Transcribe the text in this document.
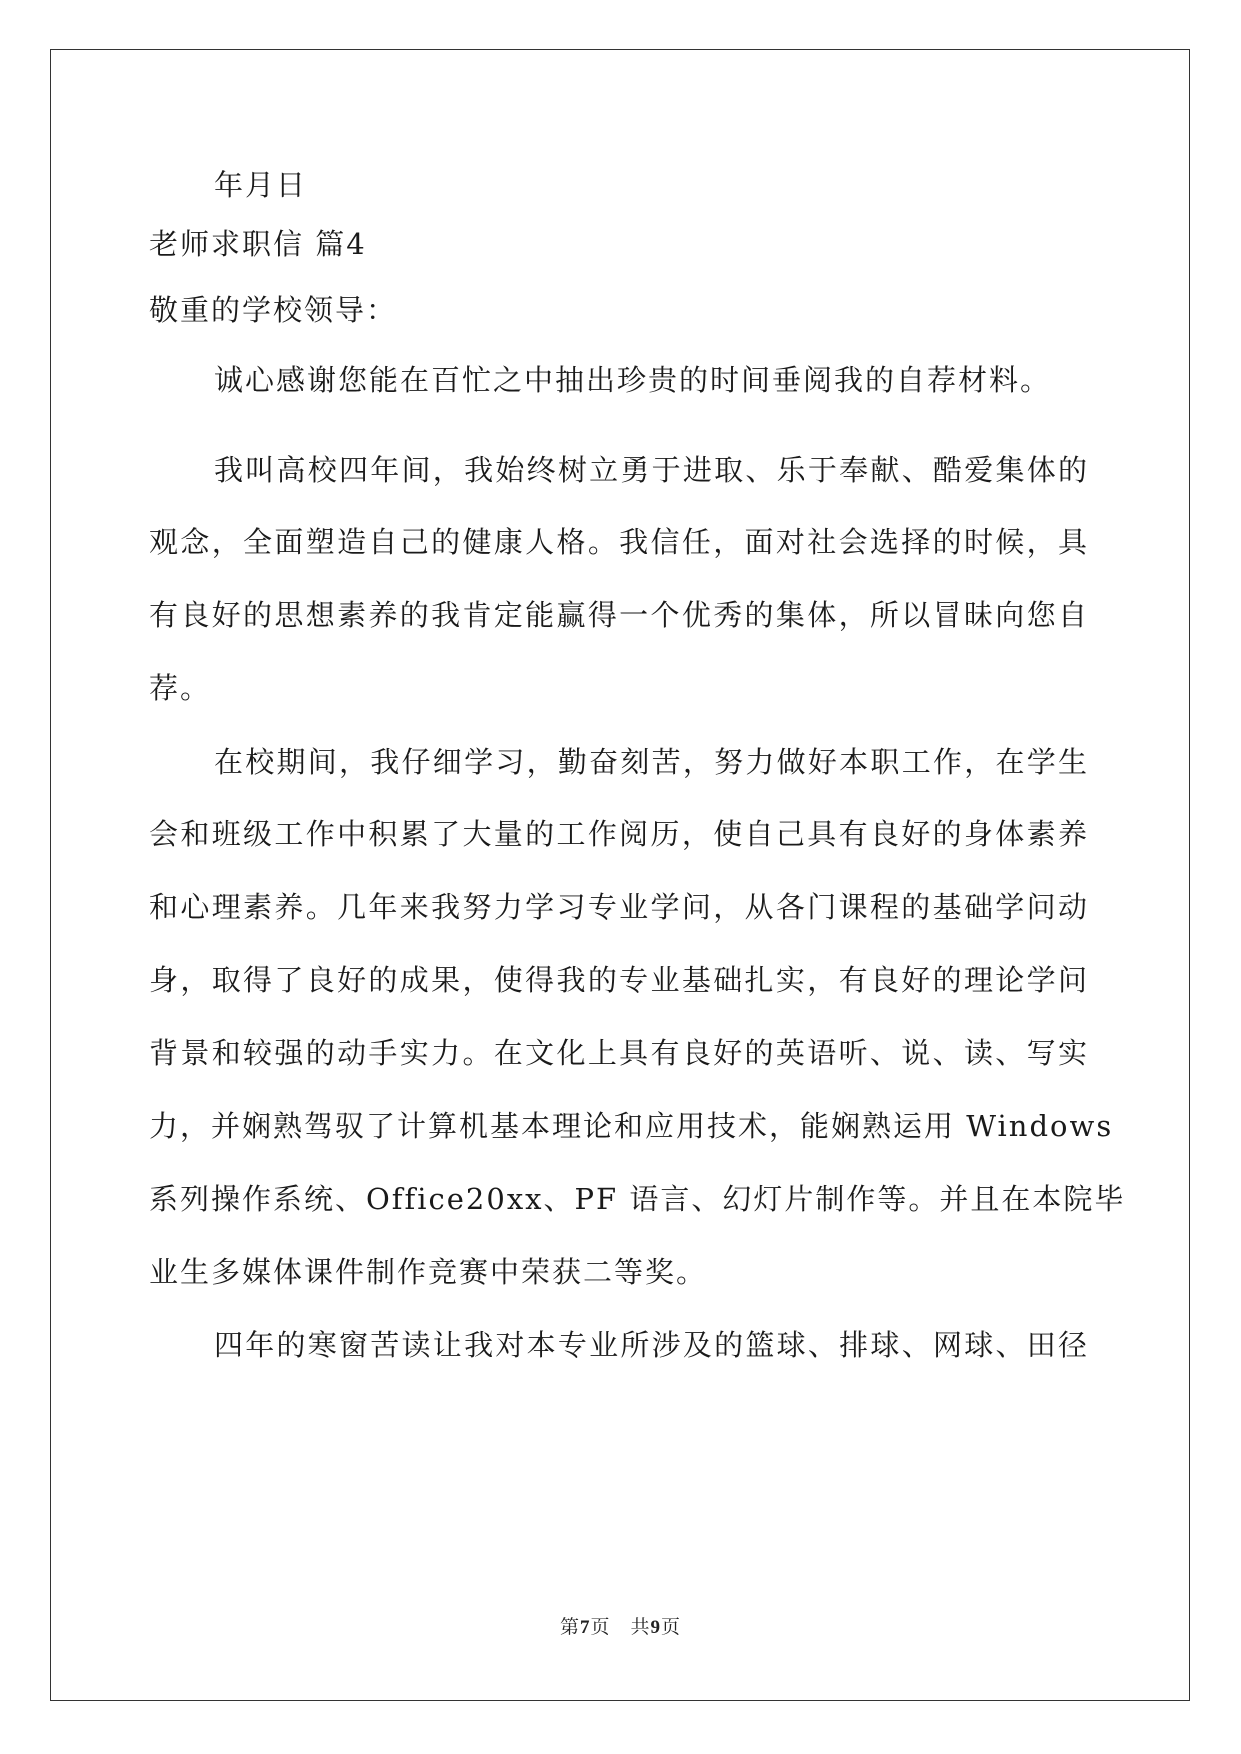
年月日
老师求职信 篇4
敬重的学校领导：
诚心感谢您能在百忙之中抽出珍贵的时间垂阅我的自荐材料。
我叫高校四年间，我始终树立勇于进取、乐于奉献、酷爱集体的
观念，全面塑造自己的健康人格。我信任，面对社会选择的时候，具
有良好的思想素养的我肯定能赢得一个优秀的集体，所以冒昧向您自
荐。
在校期间，我仔细学习，勤奋刻苦，努力做好本职工作，在学生
会和班级工作中积累了大量的工作阅历，使自己具有良好的身体素养
和心理素养。几年来我努力学习专业学问，从各门课程的基础学问动
身，取得了良好的成果，使得我的专业基础扎实，有良好的理论学问
背景和较强的动手实力。在文化上具有良好的英语听、说、读、写实
力，并娴熟驾驭了计算机基本理论和应用技术，能娴熟运用 Windows
系列操作系统、Office20xx、PF 语言、幻灯片制作等。并且在本院毕
业生多媒体课件制作竞赛中荣获二等奖。
四年的寒窗苦读让我对本专业所涉及的篮球、排球、网球、田径
第7页　共9页
